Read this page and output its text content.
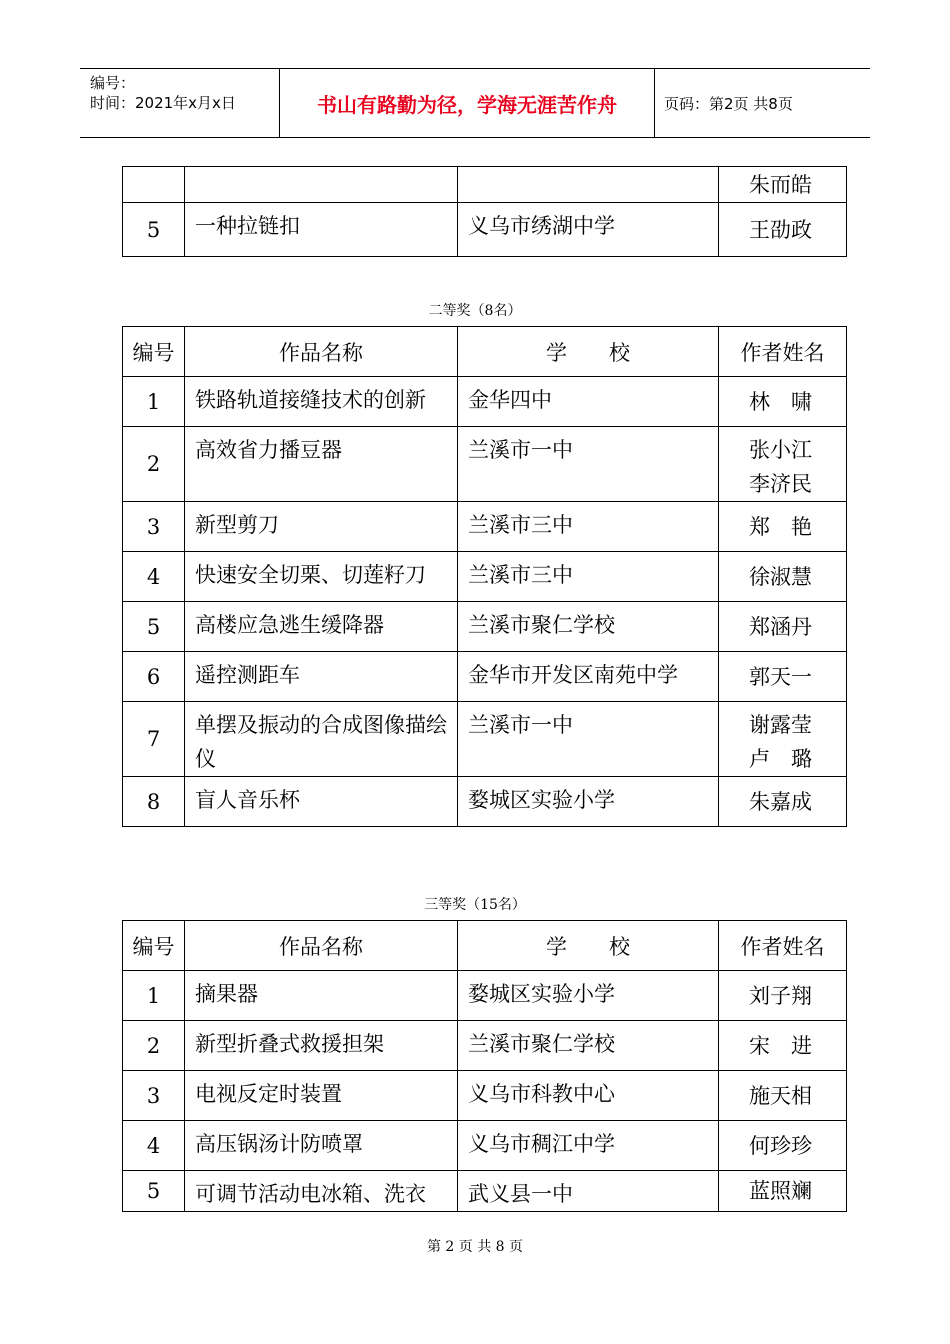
编号：
时间：2021年x月x日	书山有路勤为径，学海无涯苦作舟	页码：第2页 共8页

			朱而皓

5	一种拉链扣	义乌市绣湖中学	王劭政
二等奖（8名）
编号	作品名称	学　　校	作者姓名
1	铁路轨道接缝技术的创新	金华四中	林　啸

2	高效省力播豆器	兰溪市一中	张小江
李济民

3	新型剪刀	兰溪市三中	郑　艳

4	快速安全切栗、切莲籽刀	兰溪市三中	徐淑慧

5	高楼应急逃生缓降器	兰溪市聚仁学校	郑涵丹

6	遥控测距车	金华市开发区南苑中学	郭天一

7	单摆及振动的合成图像描绘仪	兰溪市一中	谢露莹
卢　璐

8	盲人音乐杯	婺城区实验小学	朱嘉成
三等奖（15名）
编号	作品名称	学　　校	作者姓名
1	摘果器	婺城区实验小学	刘子翔

2	新型折叠式救援担架	兰溪市聚仁学校	宋　进

3	电视反定时装置	义乌市科教中心	施天相

4	高压锅汤计防喷罩	义乌市稠江中学	何珍珍

5	可调节活动电冰箱、洗衣	武义县一中	蓝照斓
第 2 页 共 8 页
